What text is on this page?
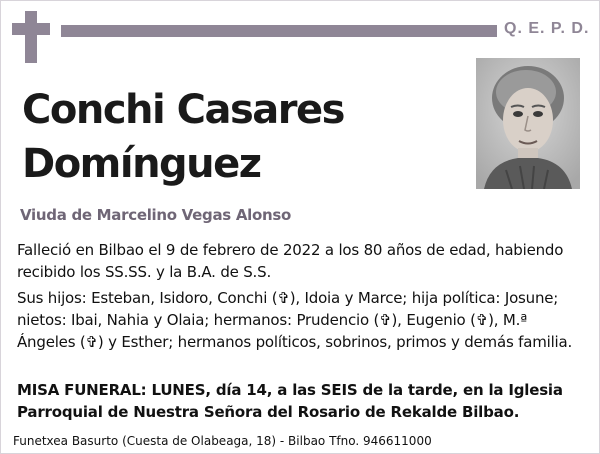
Q. E. P. D.
Conchi Casares Domínguez
Viuda de Marcelino Vegas Alonso
Falleció en Bilbao el 9 de febrero de 2022 a los 80 años de edad, habiendo recibido los SS.SS. y la B.A. de S.S.
Sus hijos: Esteban, Isidoro, Conchi (✞), Idoia y Marce; hija política: Josune; nietos: Ibai, Nahia y Olaia; hermanos: Prudencio (✞), Eugenio (✞), M.ª Ángeles (✞) y Esther; hermanos políticos, sobrinos, primos y demás familia.
MISA FUNERAL: LUNES, día 14, a las SEIS de la tarde, en la Iglesia Parroquial de Nuestra Señora del Rosario de Rekalde Bilbao.
Funetxea Basurto (Cuesta de Olabeaga, 18) - Bilbao Tfno. 946611000
